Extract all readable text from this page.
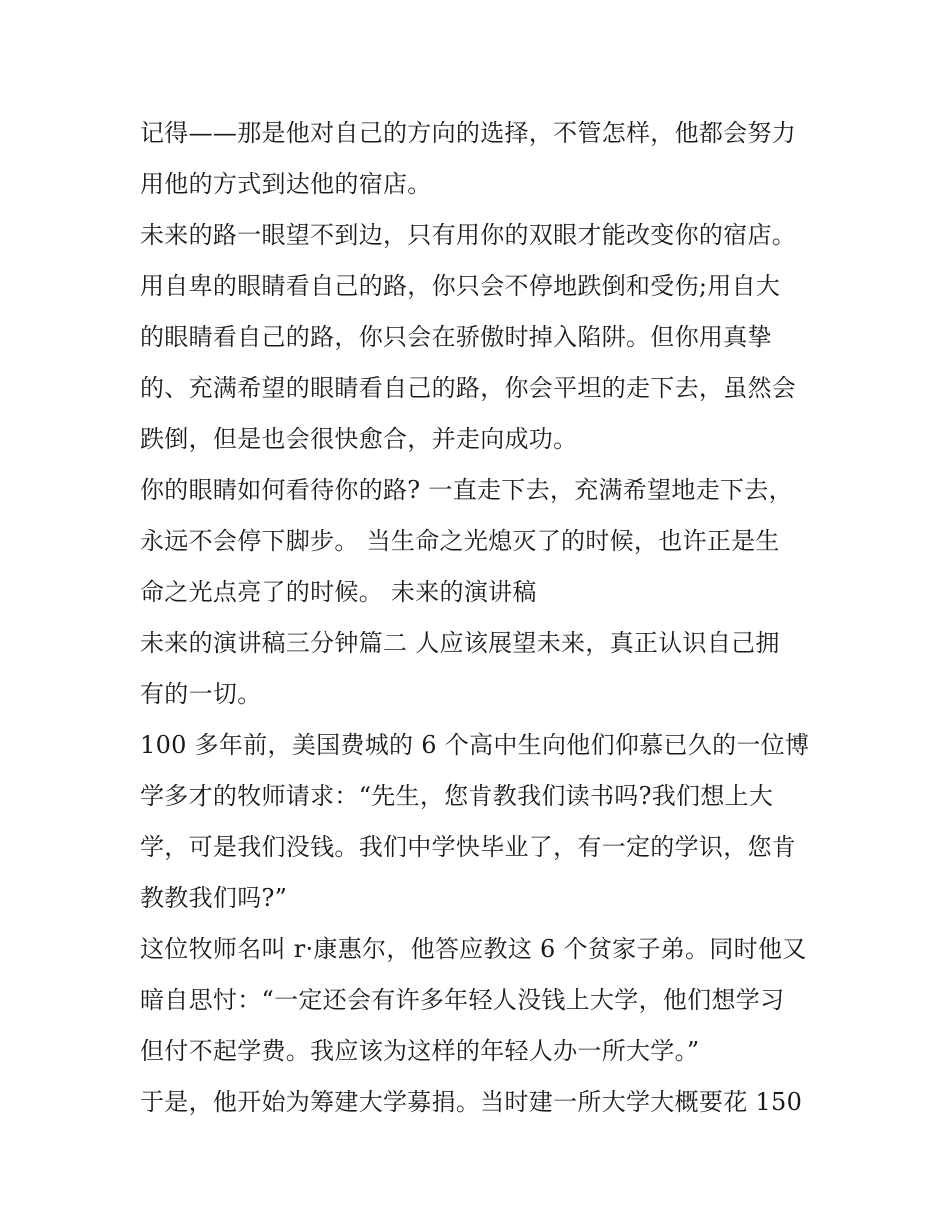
记得——那是他对自己的方向的选择，不管怎样，他都会努力
用他的方式到达他的宿店。
未来的路一眼望不到边，只有用你的双眼才能改变你的宿店。
用自卑的眼睛看自己的路，你只会不停地跌倒和受伤;用自大
的眼睛看自己的路，你只会在骄傲时掉入陷阱。但你用真挚
的、充满希望的眼睛看自己的路，你会平坦的走下去，虽然会
跌倒，但是也会很快愈合，并走向成功。
你的眼睛如何看待你的路? 一直走下去，充满希望地走下去，
永远不会停下脚步。 当生命之光熄灭了的时候，也许正是生
命之光点亮了的时候。 未来的演讲稿
未来的演讲稿三分钟篇二 人应该展望未来，真正认识自己拥
有的一切。
100 多年前，美国费城的 6 个高中生向他们仰慕已久的一位博
学多才的牧师请求：“先生，您肯教我们读书吗?我们想上大
学，可是我们没钱。我们中学快毕业了，有一定的学识，您肯
教教我们吗?”
这位牧师名叫 r·康惠尔，他答应教这 6 个贫家子弟。同时他又
暗自思忖：“一定还会有许多年轻人没钱上大学，他们想学习
但付不起学费。我应该为这样的年轻人办一所大学。”
于是，他开始为筹建大学募捐。当时建一所大学大概要花 150
